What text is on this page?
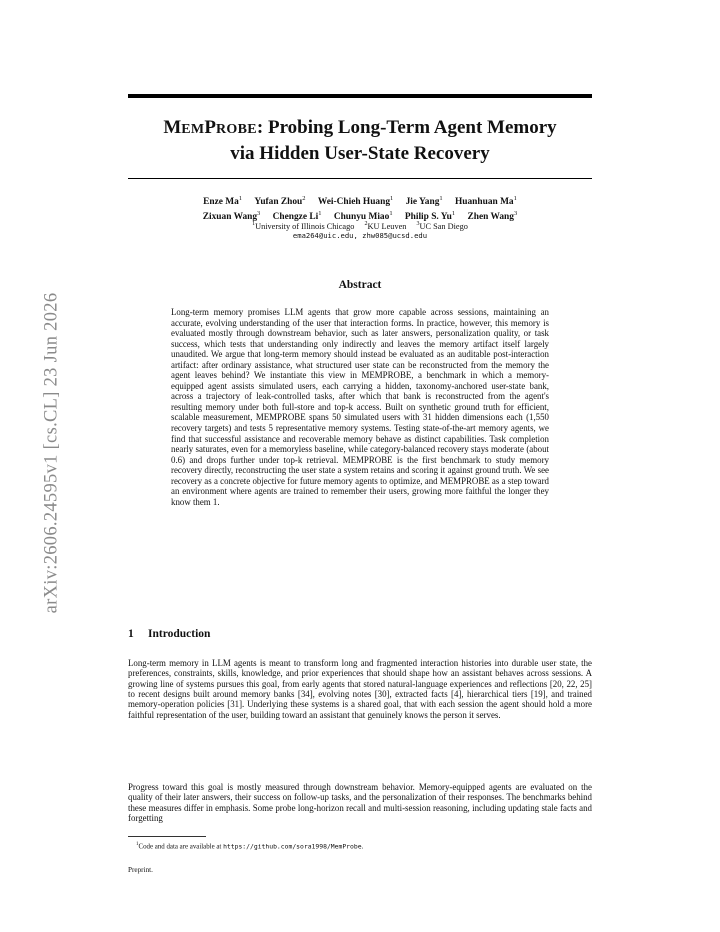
arXiv:2606.24595v1 [cs.CL] 23 Jun 2026
MEMPROBE: Probing Long-Term Agent Memory
via Hidden User-State Recovery
Enze Ma$^1$ Yufan Zhou$^2$ Wei-Chieh Huang$^1$ Jie Yang$^1$ Huanhuan Ma$^1$
Zixuan Wang$^3$ Chengze Li$^1$ Chunyu Miao$^1$ Philip S. Yu$^1$ Zhen Wang$^3$
$^1$University of Illinois Chicago $^2$KU Leuven $^3$UC San Diego
ema264@uic.edu, zhw085@ucsd.edu
Abstract

Long-term memory promises LLM agents that grow more capable across sessions, maintaining an accurate, evolving understanding of the user that interaction forms. In practice, however, this memory is evaluated mostly through downstream behavior, such as later answers, personalization quality, or task success, which tests that understanding only indirectly and leaves the memory artifact itself largely unaudited. We argue that long-term memory should instead be evaluated as an auditable post-interaction artifact: after ordinary assistance, what structured user state can be reconstructed from the memory the agent leaves behind? We instantiate this view in MEMPROBE, a benchmark in which a memory-equipped agent assists simulated users, each carrying a hidden, taxonomy-anchored user-state bank, across a trajectory of leak-controlled tasks, after which that bank is reconstructed from the agent's resulting memory under both full-store and top-k access. Built on synthetic ground truth for efficient, scalable measurement, MEMPROBE spans 50 simulated users with 31 hidden dimensions each (1,550 recovery targets) and tests 5 representative memory systems. Testing state-of-the-art memory agents, we find that successful assistance and recoverable memory behave as distinct capabilities. Task completion nearly saturates, even for a memoryless baseline, while category-balanced recovery stays moderate (about 0.6) and drops further under top-k retrieval. MEMPROBE is the first benchmark to study memory recovery directly, reconstructing the user state a system retains and scoring it against ground truth. We see recovery as a concrete objective for future memory agents to optimize, and MEMPROBE as a step toward an environment where agents are trained to remember their users, growing more faithful the longer they know them 1.

1 Introduction

Long-term memory in LLM agents is meant to transform long and fragmented interaction histories into durable user state, the preferences, constraints, skills, knowledge, and prior experiences that should shape how an assistant behaves across sessions. A growing line of systems pursues this goal, from early agents that stored natural-language experiences and reflections [20, 22, 25] to recent designs built around memory banks [34], evolving notes [30], extracted facts [4], hierarchical tiers [19], and trained memory-operation policies [31]. Underlying these systems is a shared goal, that with each session the agent should hold a more faithful representation of the user, building toward an assistant that genuinely knows the person it serves.

Progress toward this goal is mostly measured through downstream behavior. Memory-equipped agents are evaluated on the quality of their later answers, their success on follow-up tasks, and the personalization of their responses. The benchmarks behind these measures differ in emphasis. Some probe long-horizon recall and multi-session reasoning, including updating stale facts and forgetting

$^1$Code and data are available at https://github.com/sora1998/MemProbe.
Preprint.
